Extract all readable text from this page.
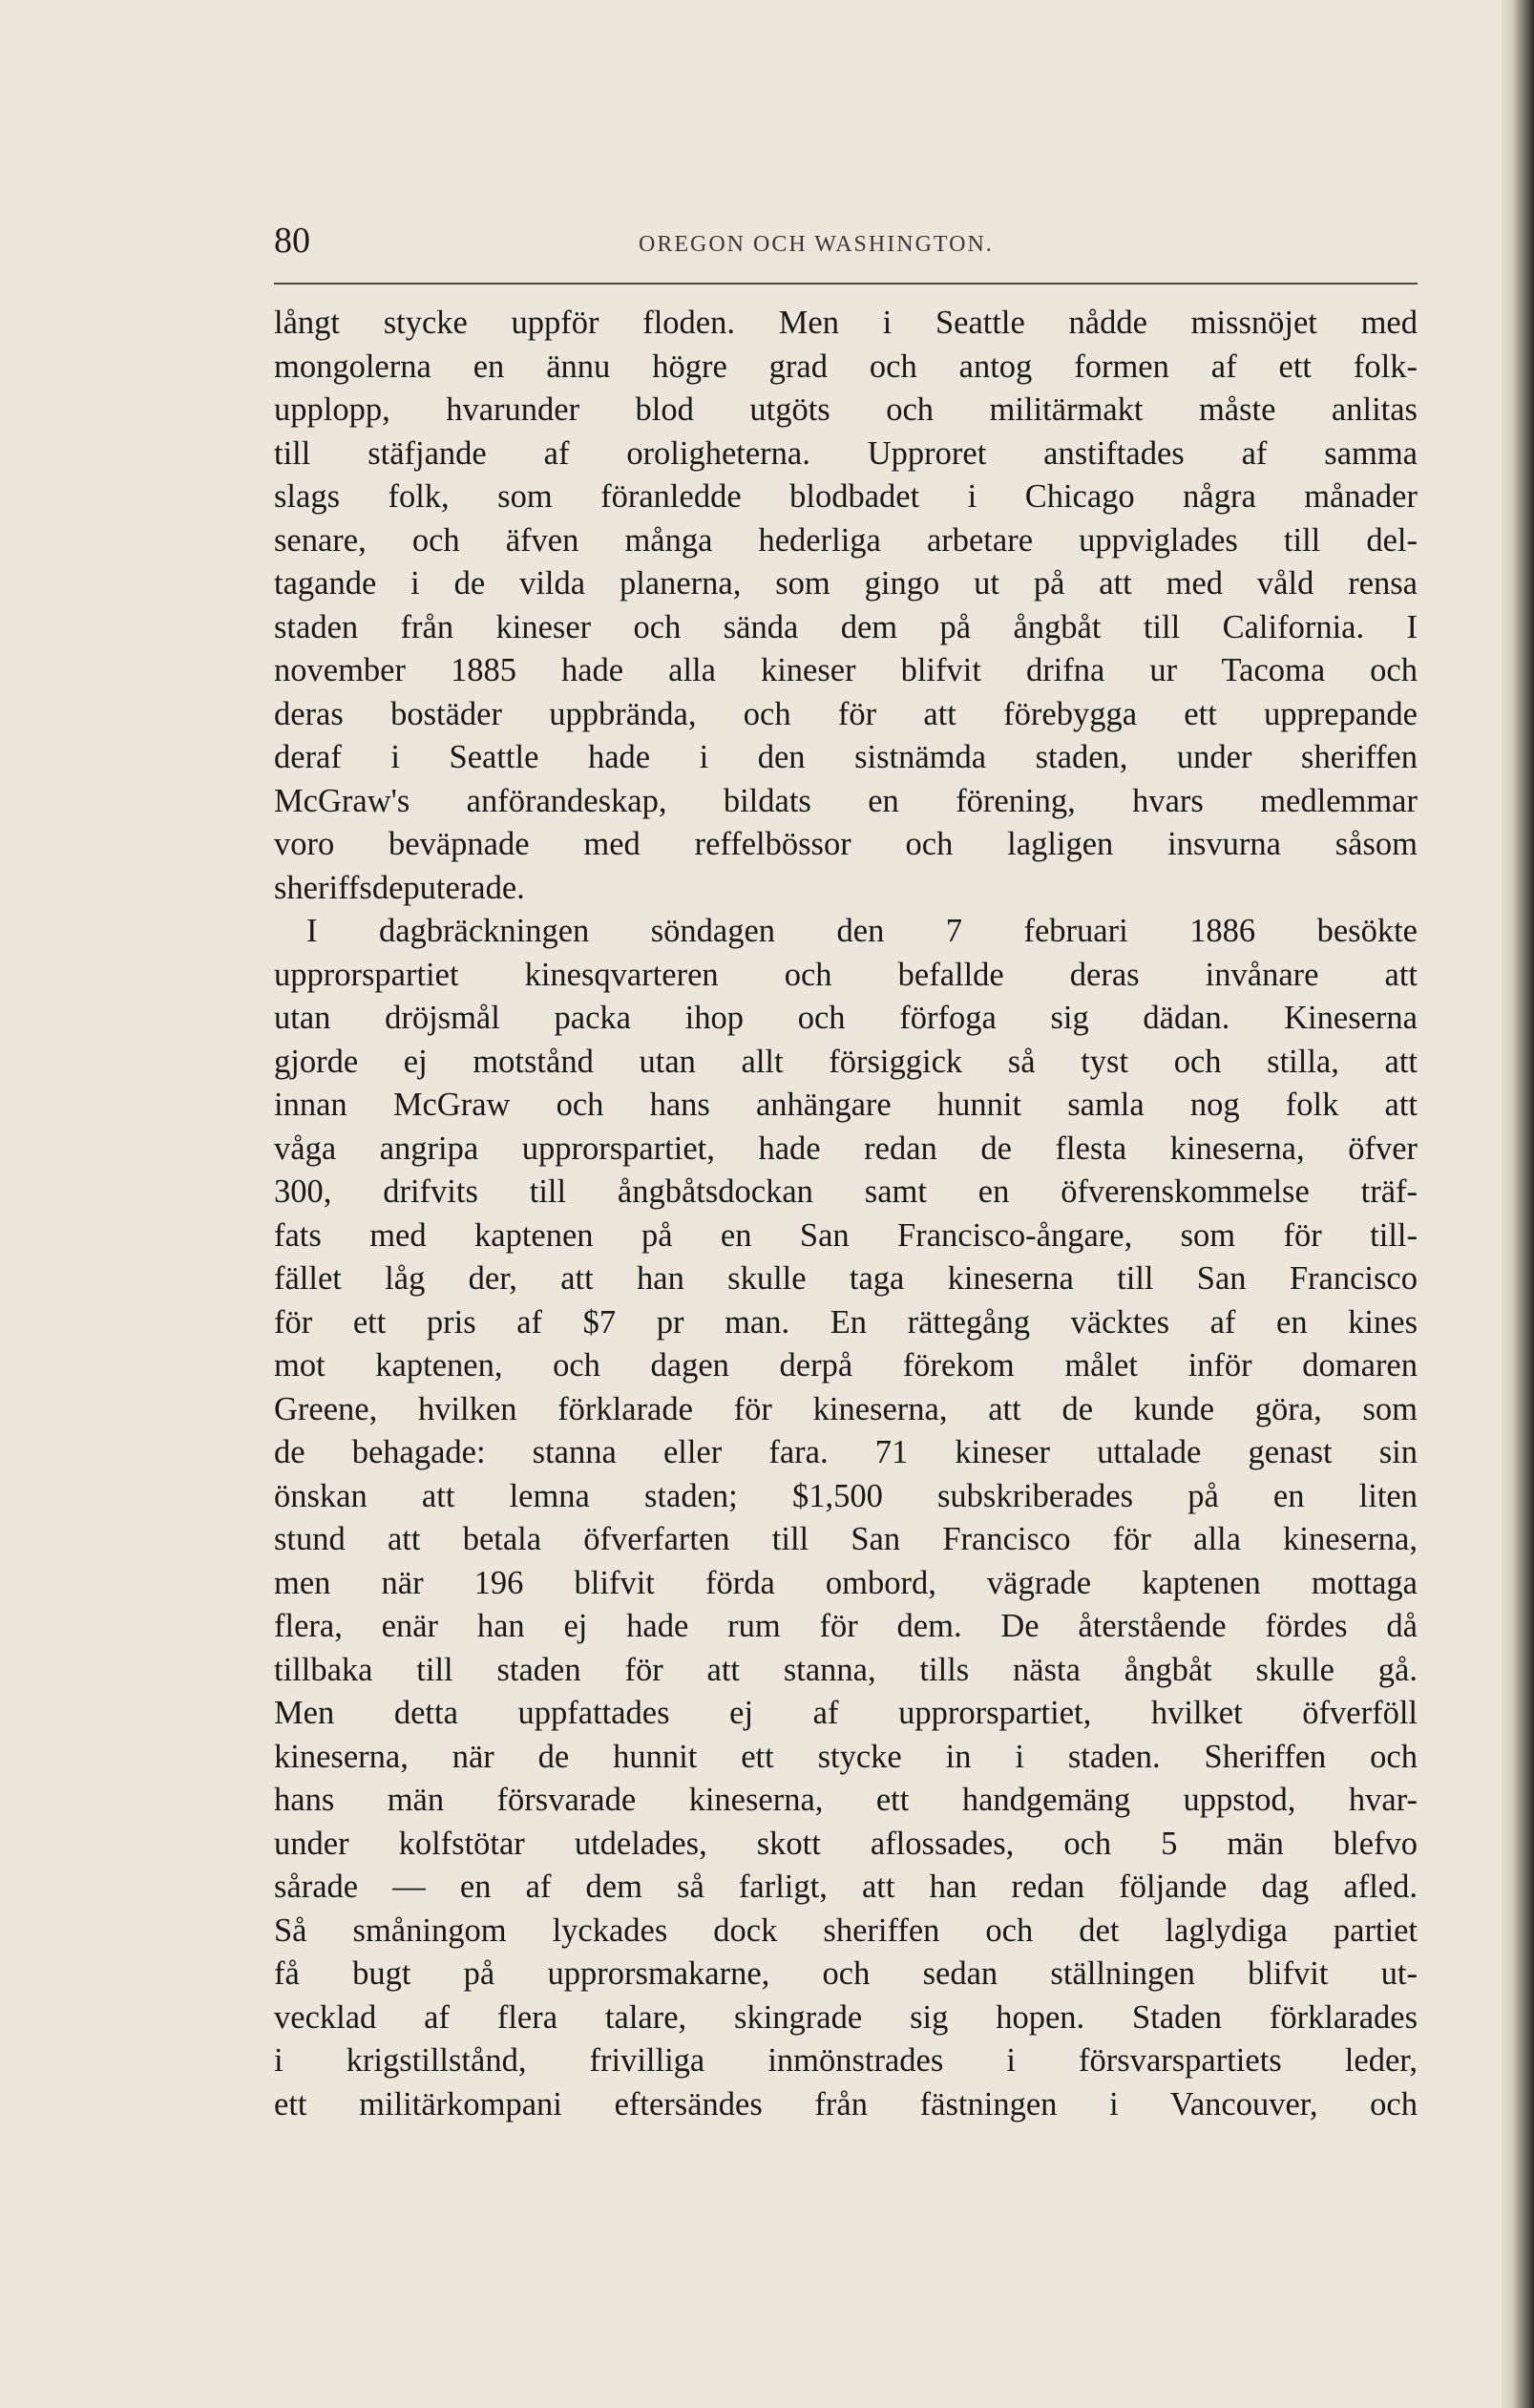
80	OREGON OCH WASHINGTON.
långt stycke uppför floden. Men i Seattle nådde missnöjet med
mongolerna en ännu högre grad och antog formen af ett folk-
upplopp, hvarunder blod utgöts och militärmakt måste anlitas
till stäfjande af oroligheterna. Upproret anstiftades af samma
slags folk, som föranledde blodbadet i Chicago några månader
senare, och äfven många hederliga arbetare uppviglades till del-
tagande i de vilda planerna, som gingo ut på att med våld rensa
staden från kineser och sända dem på ångbåt till California. I
november 1885 hade alla kineser blifvit drifna ur Tacoma och
deras bostäder uppbrända, och för att förebygga ett upprepande
deraf i Seattle hade i den sistnämda staden, under sheriffen
McGraw's anförandeskap, bildats en förening, hvars medlemmar
voro beväpnade med reffelbössor och lagligen insvurna såsom
sheriffsdeputerade.
I dagbräckningen söndagen den 7 februari 1886 besökte
upprorspartiet kinesqvarteren och befallde deras invånare att
utan dröjsmål packa ihop och förfoga sig dädan. Kineserna
gjorde ej motstånd utan allt försiggick så tyst och stilla, att
innan McGraw och hans anhängare hunnit samla nog folk att
våga angripa upprorspartiet, hade redan de flesta kineserna, öfver
300, drifvits till ångbåtsdockan samt en öfverenskommelse träf-
fats med kaptenen på en San Francisco-ångare, som för till-
fället låg der, att han skulle taga kineserna till San Francisco
för ett pris af $7 pr man. En rättegång väcktes af en kines
mot kaptenen, och dagen derpå förekom målet inför domaren
Greene, hvilken förklarade för kineserna, att de kunde göra, som
de behagade: stanna eller fara. 71 kineser uttalade genast sin
önskan att lemna staden; $1,500 subskriberades på en liten
stund att betala öfverfarten till San Francisco för alla kineserna,
men när 196 blifvit förda ombord, vägrade kaptenen mottaga
flera, enär han ej hade rum för dem. De återstående fördes då
tillbaka till staden för att stanna, tills nästa ångbåt skulle gå.
Men detta uppfattades ej af upprorspartiet, hvilket öfverföll
kineserna, när de hunnit ett stycke in i staden. Sheriffen och
hans män försvarade kineserna, ett handgemäng uppstod, hvar-
under kolfstötar utdelades, skott aflossades, och 5 män blefvo
sårade — en af dem så farligt, att han redan följande dag afled.
Så småningom lyckades dock sheriffen och det laglydiga partiet
få bugt på upprorsmakarne, och sedan ställningen blifvit ut-
vecklad af flera talare, skingrade sig hopen. Staden förklarades
i krigstillstånd, frivilliga inmönstrades i försvarspartiets leder,
ett militärkompani eftersändes från fästningen i Vancouver, och
